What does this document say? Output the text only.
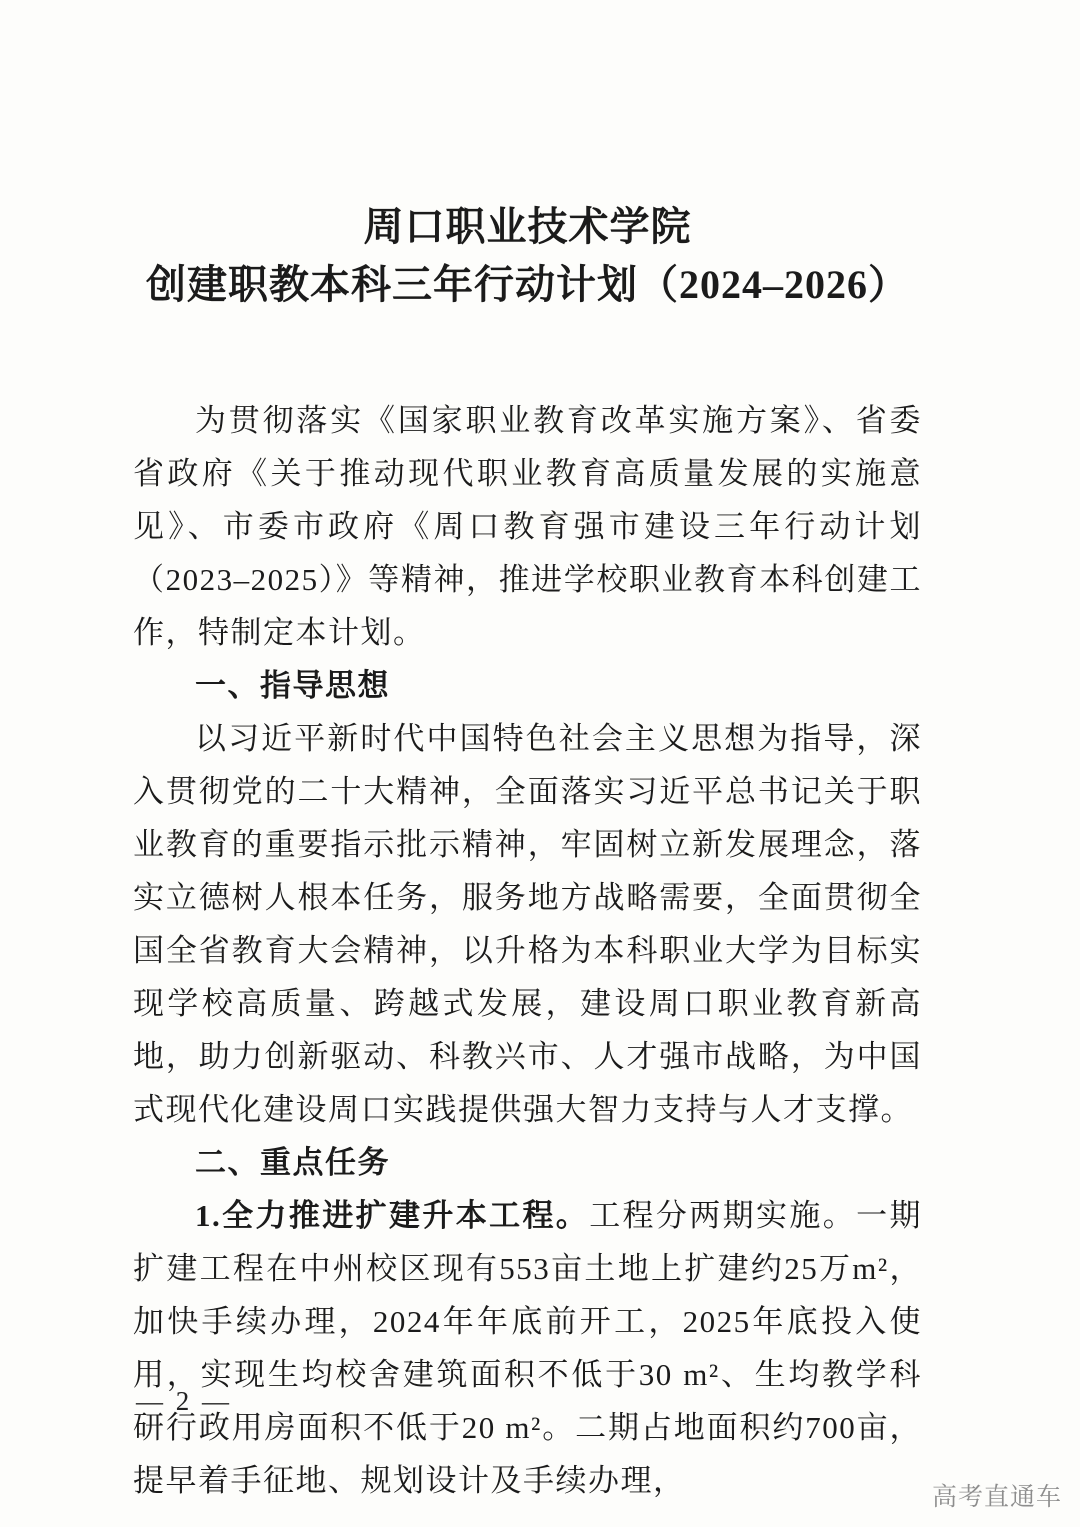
周口职业技术学院
创建职教本科三年行动计划（2024–2026）

为贯彻落实《国家职业教育改革实施方案》、省委省政府《关于推动现代职业教育高质量发展的实施意见》、市委市政府《周口教育强市建设三年行动计划（2023–2025）》等精神，推进学校职业教育本科创建工作，特制定本计划。

一、指导思想

以习近平新时代中国特色社会主义思想为指导，深入贯彻党的二十大精神，全面落实习近平总书记关于职业教育的重要指示批示精神，牢固树立新发展理念，落实立德树人根本任务，服务地方战略需要，全面贯彻全国全省教育大会精神，以升格为本科职业大学为目标实现学校高质量、跨越式发展，建设周口职业教育新高地，助力创新驱动、科教兴市、人才强市战略，为中国式现代化建设周口实践提供强大智力支持与人才支撑。

二、重点任务

1.全力推进扩建升本工程。工程分两期实施。一期扩建工程在中州校区现有553亩土地上扩建约25万m²，加快手续办理，2024年年底前开工，2025年底投入使用，实现生均校舍建筑面积不低于30 m²、生均教学科研行政用房面积不低于20 m²。二期占地面积约700亩，提早着手征地、规划设计及手续办理，

— 2 —
高考直通车
